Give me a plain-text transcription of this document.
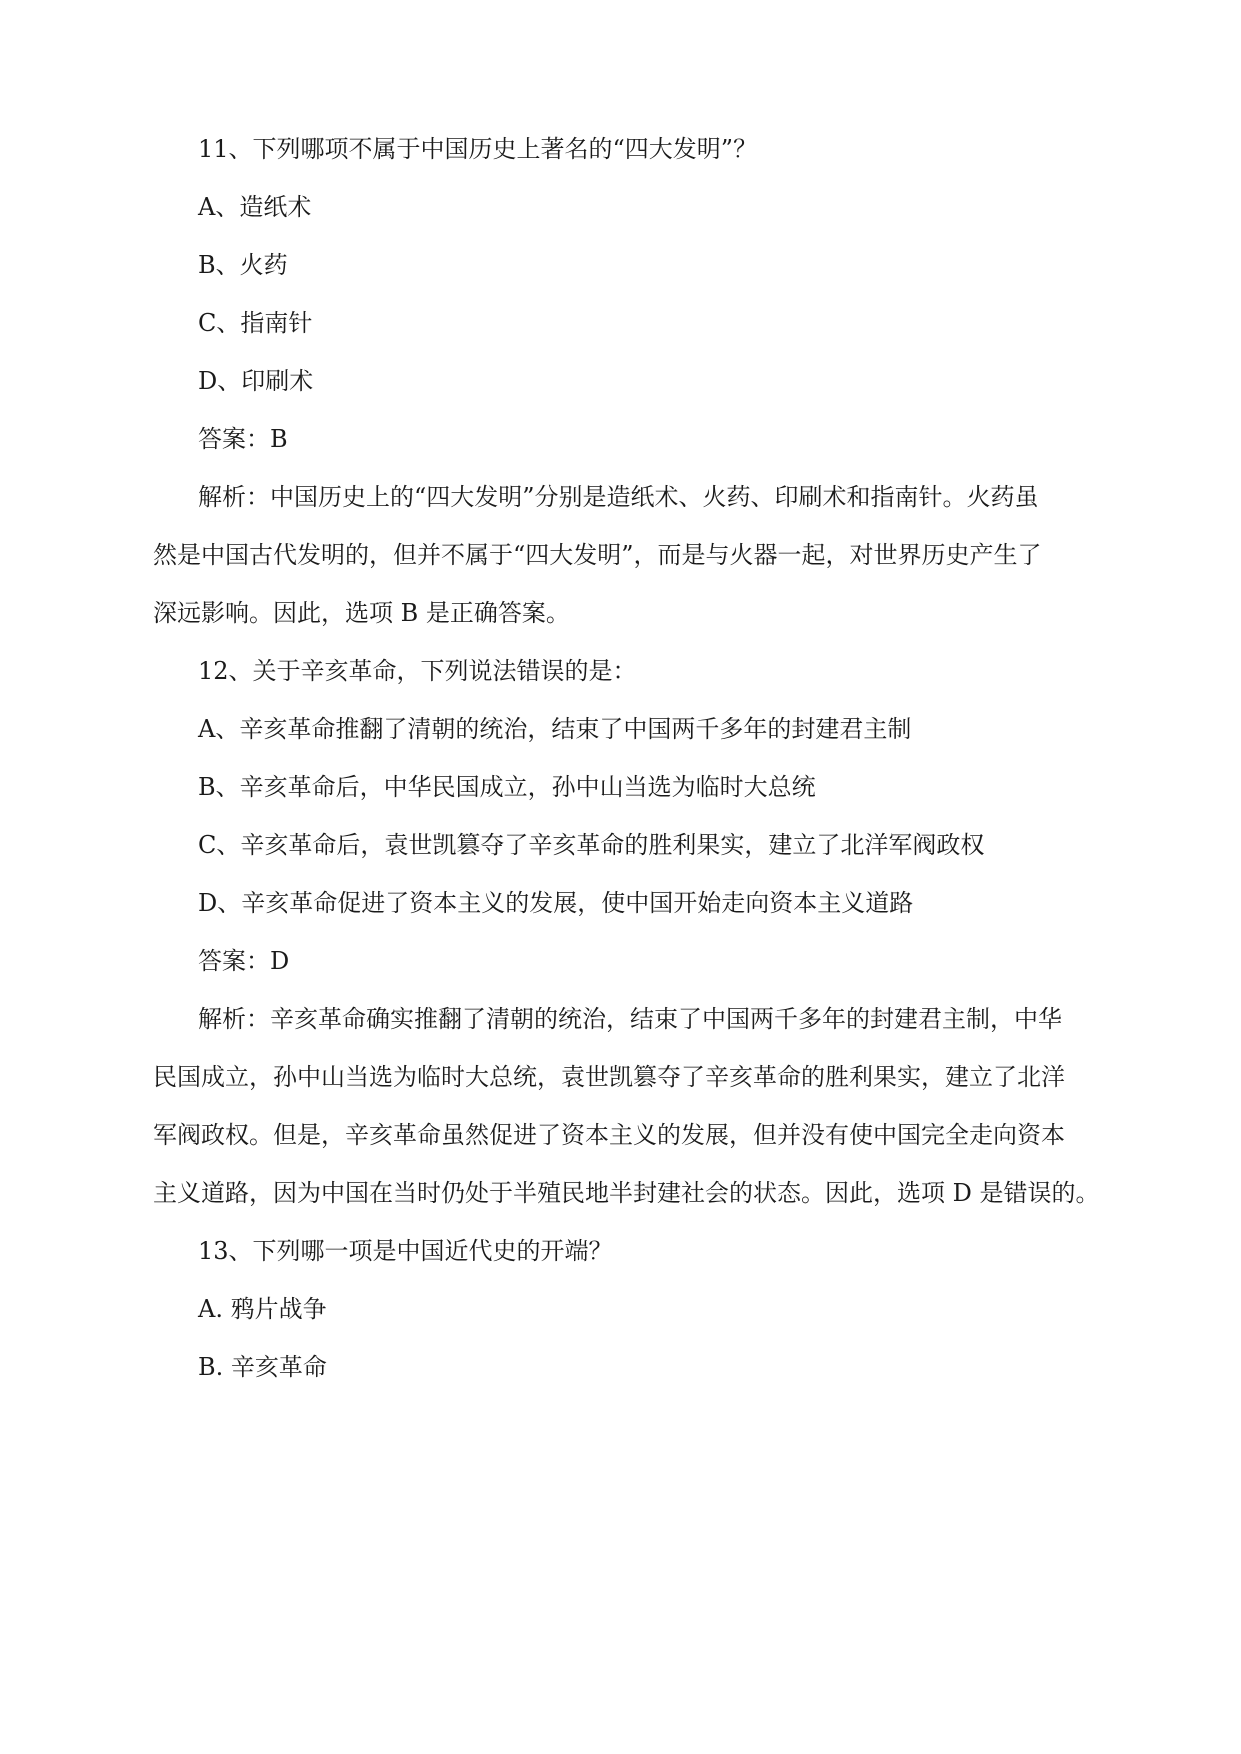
11、下列哪项不属于中国历史上著名的“四大发明”？
A、造纸术
B、火药
C、指南针
D、印刷术
答案：B
解析：中国历史上的“四大发明”分别是造纸术、火药、印刷术和指南针。火药虽
然是中国古代发明的，但并不属于“四大发明”，而是与火器一起，对世界历史产生了
深远影响。因此，选项 B 是正确答案。
12、关于辛亥革命，下列说法错误的是：
A、辛亥革命推翻了清朝的统治，结束了中国两千多年的封建君主制
B、辛亥革命后，中华民国成立，孙中山当选为临时大总统
C、辛亥革命后，袁世凯篡夺了辛亥革命的胜利果实，建立了北洋军阀政权
D、辛亥革命促进了资本主义的发展，使中国开始走向资本主义道路
答案：D
解析：辛亥革命确实推翻了清朝的统治，结束了中国两千多年的封建君主制，中华
民国成立，孙中山当选为临时大总统，袁世凯篡夺了辛亥革命的胜利果实，建立了北洋
军阀政权。但是，辛亥革命虽然促进了资本主义的发展，但并没有使中国完全走向资本
主义道路，因为中国在当时仍处于半殖民地半封建社会的状态。因此，选项 D 是错误的。
13、下列哪一项是中国近代史的开端？
A. 鸦片战争
B. 辛亥革命
